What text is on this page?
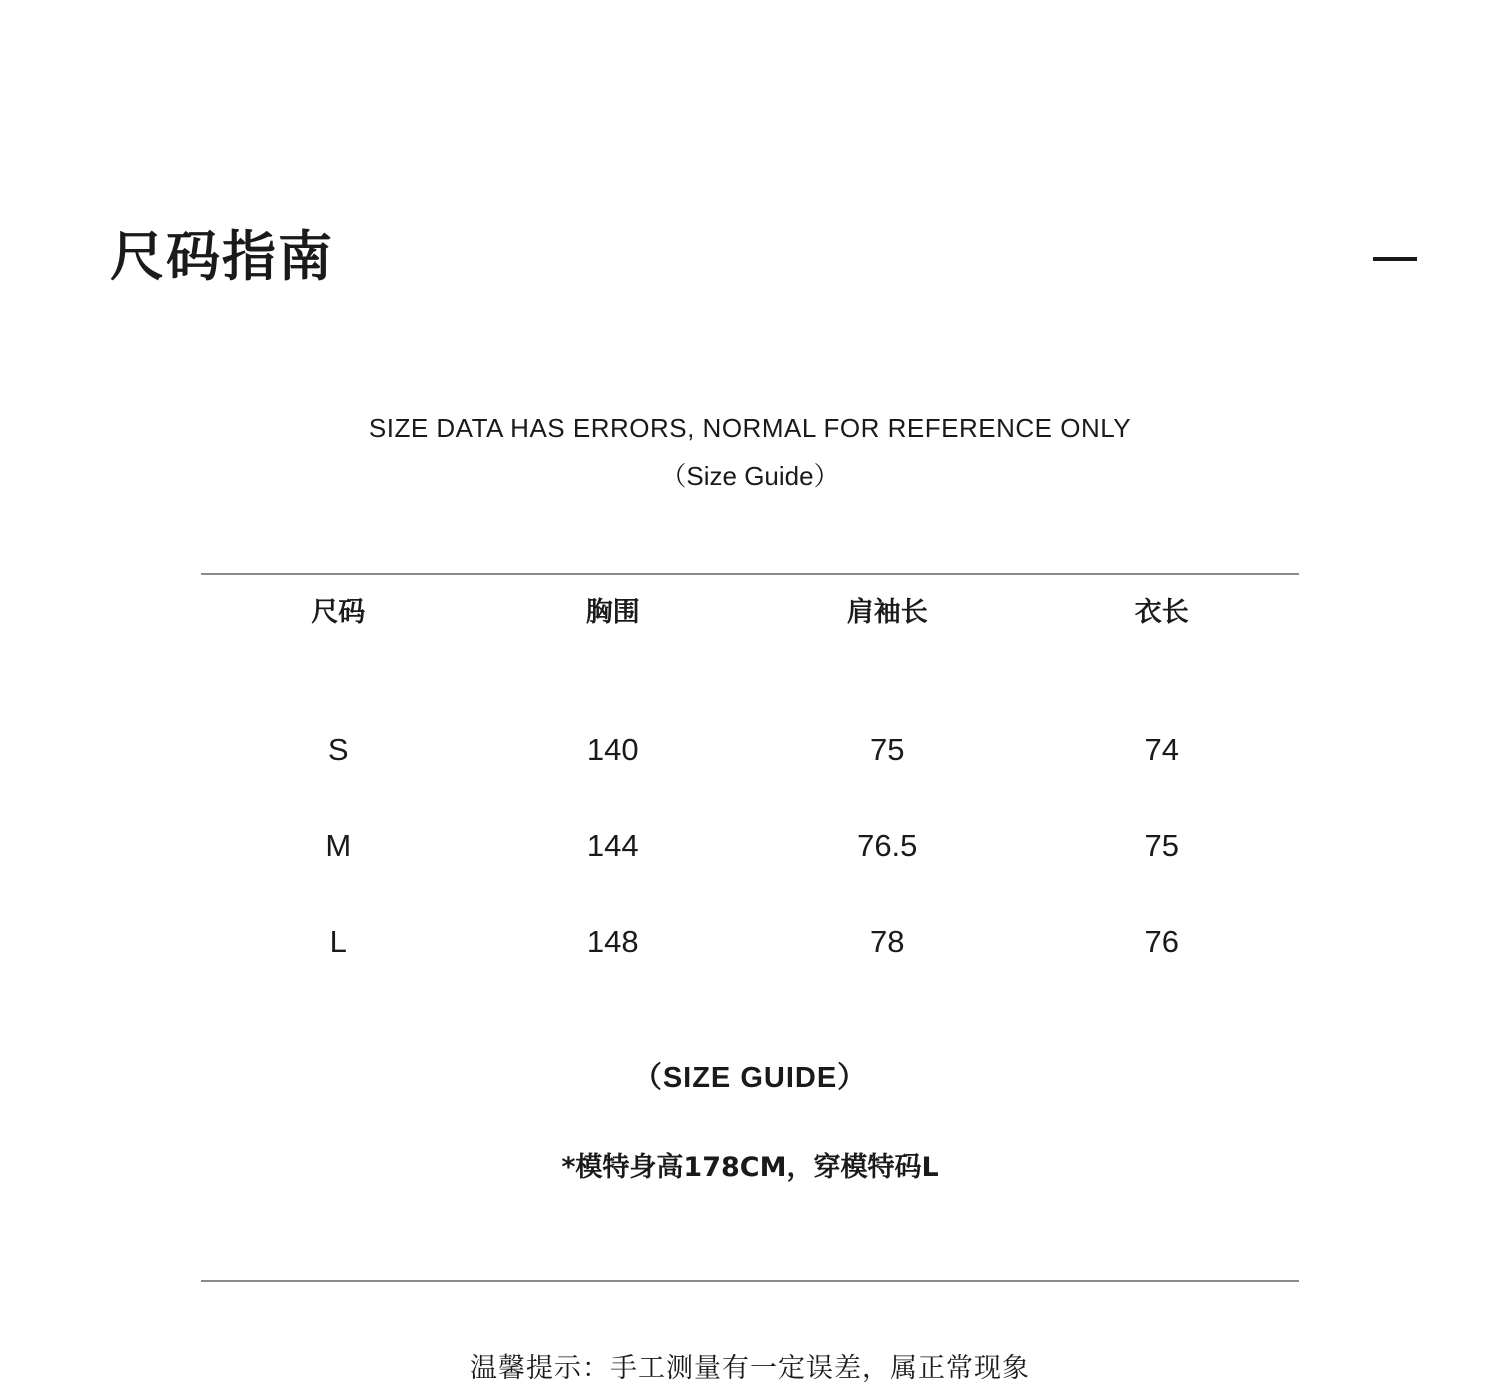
尺码指南
SIZE DATA HAS ERRORS, NORMAL FOR REFERENCE ONLY
（Size Guide）
尺码	胸围	肩袖长	衣长

S	140	75	74
M	144	76.5	75
L	148	78	76
（SIZE GUIDE）
*模特身高178CM，穿模特码L
温馨提示：手工测量有一定误差，属正常现象
